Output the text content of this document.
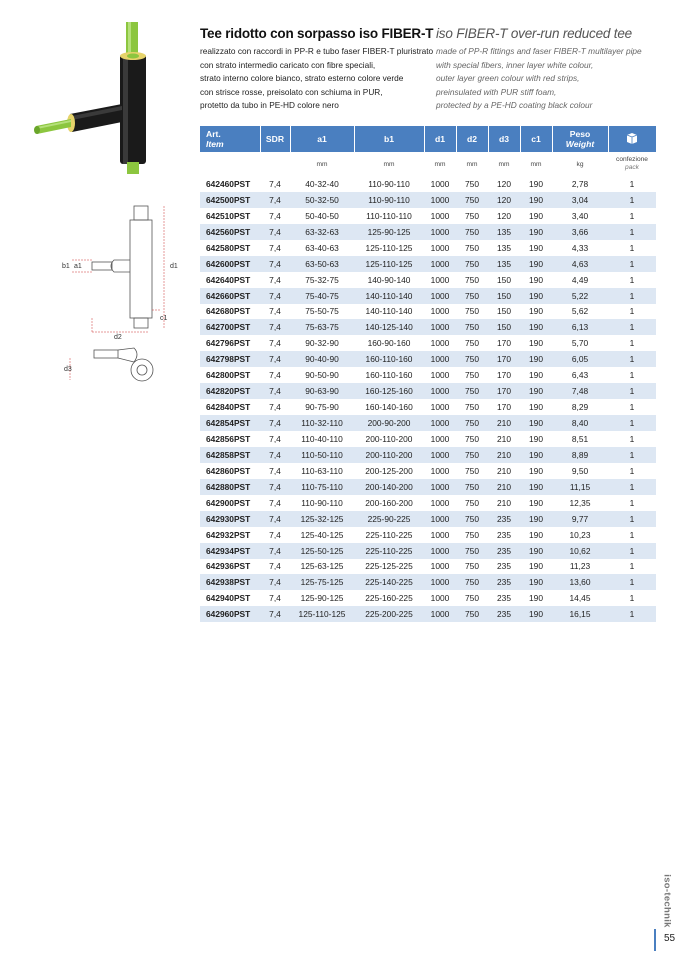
b1 a1	d1
c1
d2
d3
Tee ridotto con sorpasso iso FIBER-T
realizzato con raccordi in PP-R e tubo faser FIBER-T pluristrato
con strato intermedio caricato con fibre speciali,
strato interno colore bianco, strato esterno colore verde
con strisce rosse, preisolato con schiuma in PUR,
protetto da tubo in PE-HD colore nero
iso FIBER-T over-run reduced tee
made of PP-R fittings and faser FIBER-T multilayer pipe
with special fibers, inner layer white colour,
outer layer green colour with red strips,
preinsulated with PUR stiff foam,
protected by a PE-HD coating black colour
Art.
Item	SDR	a1	b1	d1	d2	d3	c1	Peso
Weight

		mm	mm	mm	mm	mm	mm	kg	confezione
pack

642460PST	7,4	40-32-40	110-90-110	1000	750	120	190	2,78	1
642500PST	7,4	50-32-50	110-90-110	1000	750	120	190	3,04	1
642510PST	7,4	50-40-50	110-110-110	1000	750	120	190	3,40	1
642560PST	7,4	63-32-63	125-90-125	1000	750	135	190	3,66	1
642580PST	7,4	63-40-63	125-110-125	1000	750	135	190	4,33	1
642600PST	7,4	63-50-63	125-110-125	1000	750	135	190	4,63	1
642640PST	7,4	75-32-75	140-90-140	1000	750	150	190	4,49	1
642660PST	7,4	75-40-75	140-110-140	1000	750	150	190	5,22	1
642680PST	7,4	75-50-75	140-110-140	1000	750	150	190	5,62	1
642700PST	7,4	75-63-75	140-125-140	1000	750	150	190	6,13	1
642796PST	7,4	90-32-90	160-90-160	1000	750	170	190	5,70	1
642798PST	7,4	90-40-90	160-110-160	1000	750	170	190	6,05	1
642800PST	7,4	90-50-90	160-110-160	1000	750	170	190	6,43	1
642820PST	7,4	90-63-90	160-125-160	1000	750	170	190	7,48	1
642840PST	7,4	90-75-90	160-140-160	1000	750	170	190	8,29	1
642854PST	7,4	110-32-110	200-90-200	1000	750	210	190	8,40	1
642856PST	7,4	110-40-110	200-110-200	1000	750	210	190	8,51	1
642858PST	7,4	110-50-110	200-110-200	1000	750	210	190	8,89	1
642860PST	7,4	110-63-110	200-125-200	1000	750	210	190	9,50	1
642880PST	7,4	110-75-110	200-140-200	1000	750	210	190	11,15	1
642900PST	7,4	110-90-110	200-160-200	1000	750	210	190	12,35	1
642930PST	7,4	125-32-125	225-90-225	1000	750	235	190	9,77	1
642932PST	7,4	125-40-125	225-110-225	1000	750	235	190	10,23	1
642934PST	7,4	125-50-125	225-110-225	1000	750	235	190	10,62	1
642936PST	7,4	125-63-125	225-125-225	1000	750	235	190	11,23	1
642938PST	7,4	125-75-125	225-140-225	1000	750	235	190	13,60	1
642940PST	7,4	125-90-125	225-160-225	1000	750	235	190	14,45	1
642960PST	7,4	125-110-125	225-200-225	1000	750	235	190	16,15	1
iso-technik
55
